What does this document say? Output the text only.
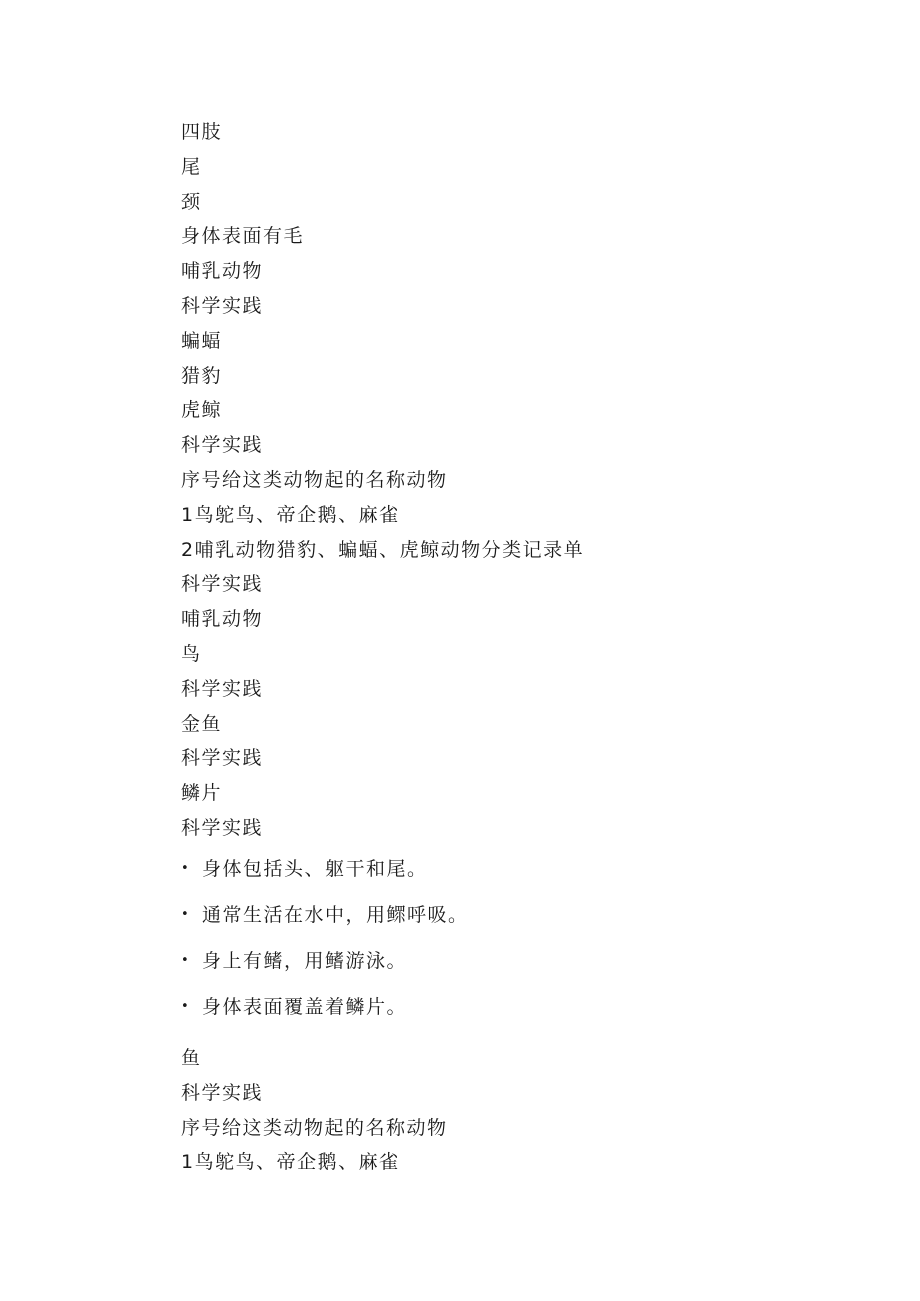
四肢
尾
颈
身体表面有毛
哺乳动物
科学实践
蝙蝠
猎豹
虎鲸
科学实践
序号给这类动物起的名称动物
1鸟鸵鸟、帝企鹅、麻雀
2哺乳动物猎豹、蝙蝠、虎鲸动物分类记录单
科学实践
哺乳动物
鸟
科学实践
金鱼
科学实践
鳞片
科学实践
• 身体包括头、躯干和尾。
• 通常生活在水中，用鳏呼吸。
• 身上有鳍，用鳍游泳。
• 身体表面覆盖着鳞片。
鱼
科学实践
序号给这类动物起的名称动物
1鸟鸵鸟、帝企鹅、麻雀
